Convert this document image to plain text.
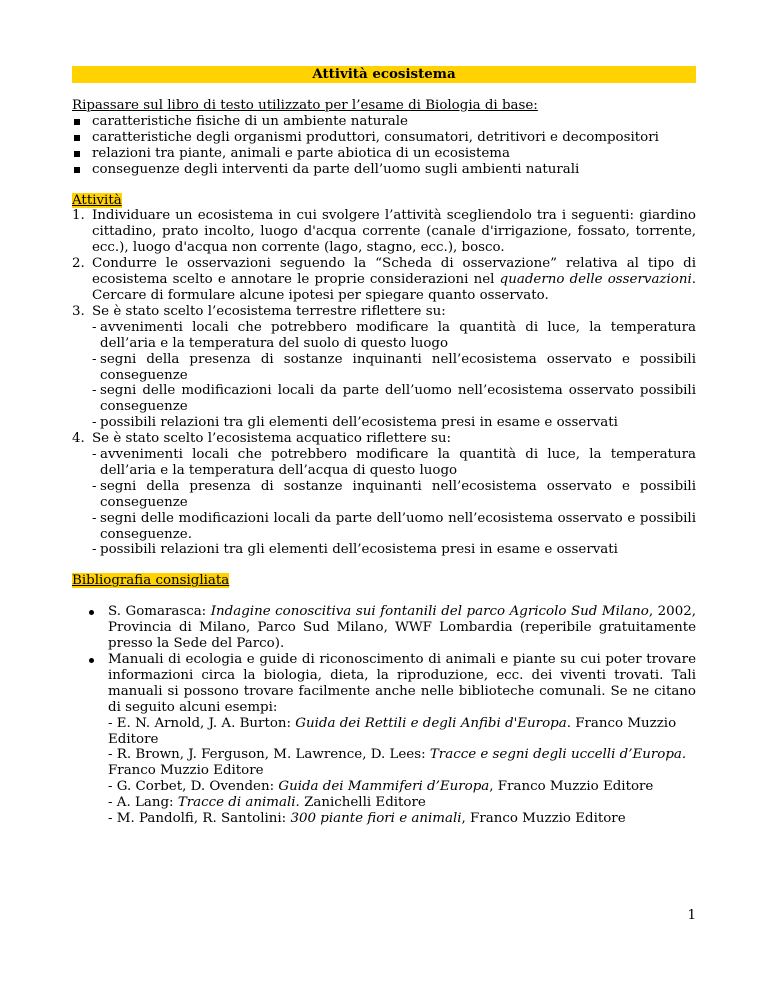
Attività ecosistema

Ripassare sul libro di testo utilizzato per l’esame di Biologia di base:

caratteristiche fisiche di un ambiente naturale
caratteristiche degli organismi produttori, consumatori, detritivori e decompositori
relazioni tra piante, animali e parte abiotica di un ecosistema
conseguenze degli interventi da parte dell’uomo sugli ambienti naturali

Attività

1. Individuare un ecosistema in cui svolgere l’attività scegliendolo tra i seguenti: giardino cittadino, prato incolto, luogo d'acqua corrente (canale d'irrigazione, fossato, torrente, ecc.), luogo d'acqua non corrente (lago, stagno, ecc.), bosco.
2. Condurre le osservazioni seguendo la “Scheda di osservazione” relativa al tipo di ecosistema scelto e annotare le proprie considerazioni nel quaderno delle osservazioni. Cercare di formulare alcune ipotesi per spiegare quanto osservato.
3. Se è stato scelto l’ecosistema terrestre riflettere su:
- avvenimenti locali che potrebbero modificare la quantità di luce, la temperatura dell’aria e la temperatura del suolo di questo luogo
- segni della presenza di sostanze inquinanti nell’ecosistema osservato e possibili conseguenze
- segni delle modificazioni locali da parte dell’uomo nell’ecosistema osservato possibili conseguenze
- possibili relazioni tra gli elementi dell’ecosistema presi in esame e osservati
4. Se è stato scelto l’ecosistema acquatico riflettere su:
- avvenimenti locali che potrebbero modificare la quantità di luce, la temperatura dell’aria e la temperatura dell’acqua di questo luogo
- segni della presenza di sostanze inquinanti nell’ecosistema osservato e possibili conseguenze
- segni delle modificazioni locali da parte dell’uomo nell’ecosistema osservato e possibili conseguenze.
- possibili relazioni tra gli elementi dell’ecosistema presi in esame e osservati

Bibliografia consigliata

S. Gomarasca: Indagine conoscitiva sui fontanili del parco Agricolo Sud Milano, 2002, Provincia di Milano, Parco Sud Milano, WWF Lombardia (reperibile gratuitamente presso la Sede del Parco).
Manuali di ecologia e guide di riconoscimento di animali e piante su cui poter trovare informazioni circa la biologia, dieta, la riproduzione, ecc. dei viventi trovati. Tali manuali si possono trovare facilmente anche nelle biblioteche comunali. Se ne citano di seguito alcuni esempi:
- E. N. Arnold, J. A. Burton: Guida dei Rettili e degli Anfibi d'Europa. Franco Muzzio Editore
- R. Brown, J. Ferguson, M. Lawrence, D. Lees: Tracce e segni degli uccelli d’Europa. Franco Muzzio Editore
- G. Corbet, D. Ovenden: Guida dei Mammiferi d’Europa, Franco Muzzio Editore
- A. Lang: Tracce di animali. Zanichelli Editore
- M. Pandolfi, R. Santolini: 300 piante fiori e animali, Franco Muzzio Editore
1
